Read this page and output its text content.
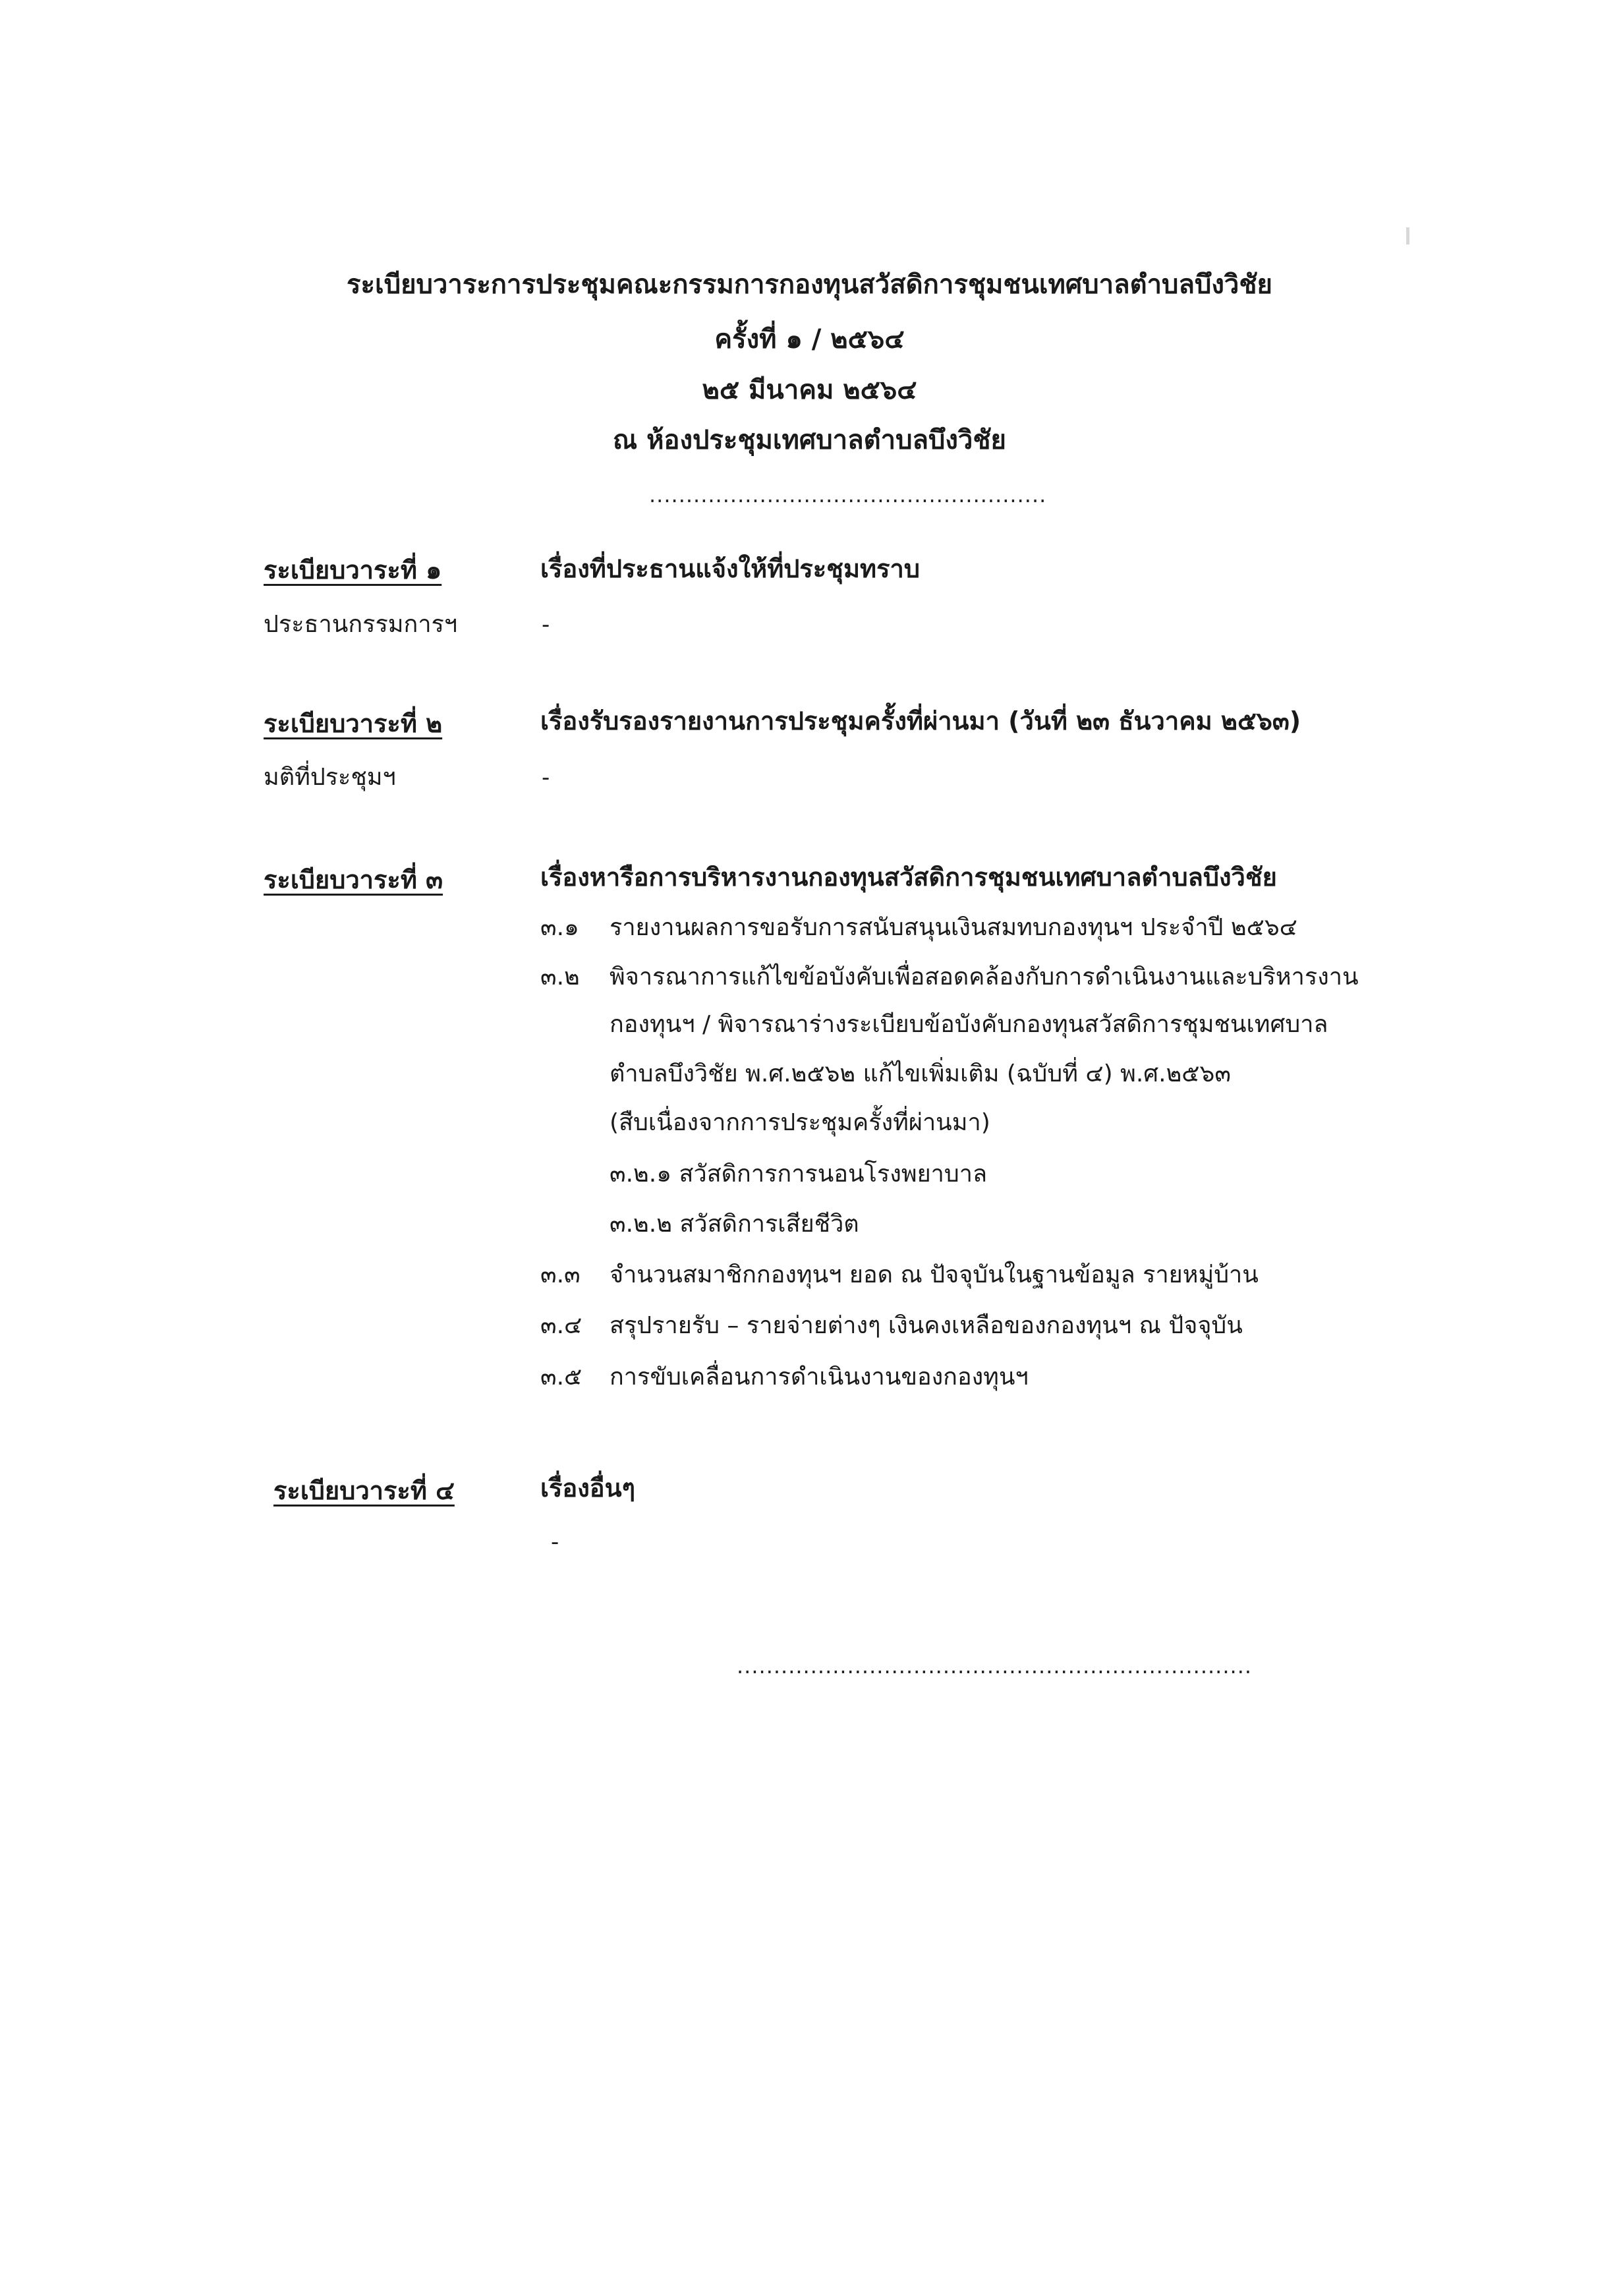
ระเบียบวาระการประชุมคณะกรรมการกองทุนสวัสดิการชุมชนเทศบาลตำบลบึงวิชัย
ครั้งที่ ๑ / ๒๕๖๔
๒๕ มีนาคม ๒๕๖๔
ณ ห้องประชุมเทศบาลตำบลบึงวิชัย
......................................................
ระเบียบวาระที่ ๑	เรื่องที่ประธานแจ้งให้ที่ประชุมทราบ
ประธานกรรมการฯ	-
ระเบียบวาระที่ ๒	เรื่องรับรองรายงานการประชุมครั้งที่ผ่านมา (วันที่ ๒๓ ธันวาคม ๒๕๖๓)
มติที่ประชุมฯ	-
ระเบียบวาระที่ ๓	เรื่องหารือการบริหารงานกองทุนสวัสดิการชุมชนเทศบาลตำบลบึงวิชัย
๓.๑ รายงานผลการขอรับการสนับสนุนเงินสมทบกองทุนฯ ประจำปี ๒๕๖๔
๓.๒ พิจารณาการแก้ไขข้อบังคับเพื่อสอดคล้องกับการดำเนินงานและบริหารงาน
กองทุนฯ / พิจารณาร่างระเบียบข้อบังคับกองทุนสวัสดิการชุมชนเทศบาล
ตำบลบึงวิชัย พ.ศ.๒๕๖๒ แก้ไขเพิ่มเติม (ฉบับที่ ๔) พ.ศ.๒๕๖๓
(สืบเนื่องจากการประชุมครั้งที่ผ่านมา)
๓.๒.๑ สวัสดิการการนอนโรงพยาบาล
๓.๒.๒ สวัสดิการเสียชีวิต
๓.๓ จำนวนสมาชิกกองทุนฯ ยอด ณ ปัจจุบันในฐานข้อมูล รายหมู่บ้าน
๓.๔ สรุปรายรับ – รายจ่ายต่างๆ เงินคงเหลือของกองทุนฯ ณ ปัจจุบัน
๓.๕ การขับเคลื่อนการดำเนินงานของกองทุนฯ
ระเบียบวาระที่ ๔	เรื่องอื่นๆ
-
......................................................................
